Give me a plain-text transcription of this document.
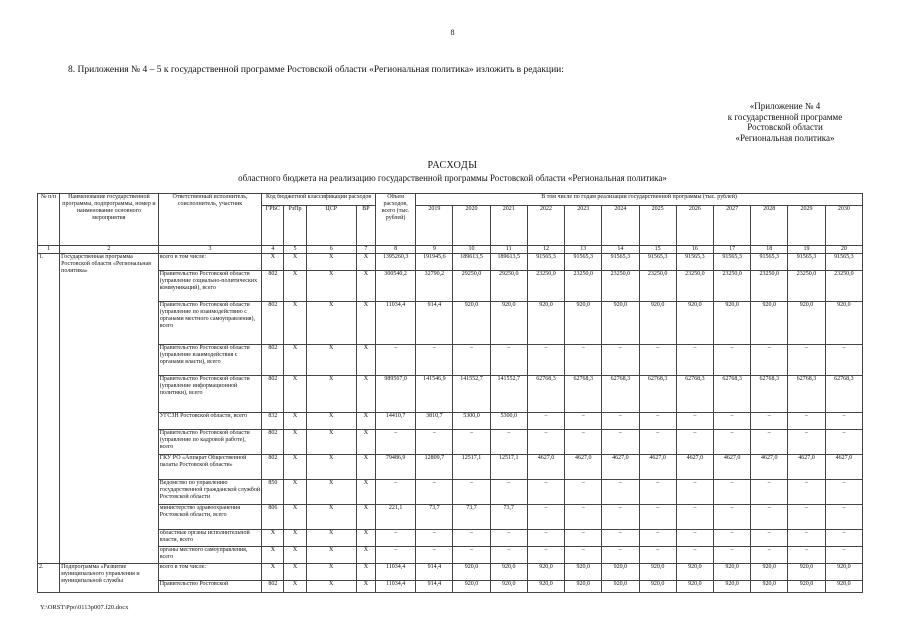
8
8. Приложения № 4 – 5 к государственной программе Ростовской области «Региональная политика» изложить в редакции:
«Приложение № 4
к государственной программе
Ростовской области
«Региональная политика»
РАСХОДЫ
областного бюджета на реализацию государственной программы Ростовской области «Региональная политика»
№ п/п	Наименование государственной программы, подпрограммы, номер и наименование основного мероприятия	Ответственный исполнитель, соисполнитель, участник	Код бюджетной классификации расходов				Объем расходов, всего (тыс. рублей)	В том числе по годам реализации государственной программы (тыс. рублей)											
			ГРБС	РзПр	ЦСР	ВР		2019	2020	2021	2022	2023	2024	2025	2026	2027	2028	2029	2030

1	2	3	4	5	6	7	8	9	10	11	12	13	14	15	16	17	18	19	20
1.	Государственная программа Ростовской области «Региональная политика»	всего в том числе:	X	X	X	X	1395260,3	191945,6	189613,5	189613,5	91565,3	91565,3	91565,3	91565,3	91565,3	91565,3	91565,3	91565,3	91565,3
		Правительство Ростовской области (управление социально-политических коммуникаций), всего	802	X	X	X	300540,2	32790,2	29250,0	29250,0	23250,0	23250,0	23250,0	23250,0	23250,0	23250,0	23250,0	23250,0	23250,0
		Правительство Ростовской области (управление по взаимодействию с органами местного самоуправления), всего	802	X	X	X	11034,4	914,4	920,0	920,0	920,0	920,0	920,0	920,0	920,0	920,0	920,0	920,0	920,0
		Правительство Ростовской области (управление взаимодействия с органами власти), всего	802	X	X	X	–	–	–	–	–	–	–	–	–	–	–	–	–
		Правительство Ростовской области (управление информационной политики), всего	802	X	X	X	989567,0	141546,9	141552,7	141552,7	62768,3	62768,3	62768,3	62768,3	62768,3	62768,3	62768,3	62768,3	62768,3
		УГСЗН Ростовской области, всего	832	X	X	X	14410,7	3810,7	5300,0	5300,0	–	–	–	–	–	–	–	–	–
		Правительство Ростовской области (управление по кадровой работе), всего	802	X	X	X	–	–	–	–	–	–	–	–	–	–	–	–	–
		ГКУ РО «Аппарат Общественной палаты Ростовской области»	802	X	X	X	79486,9	12809,7	12517,1	12517,1	4627,0	4627,0	4627,0	4627,0	4627,0	4627,0	4627,0	4627,0	4627,0
		Ведомство по управлению государственной гражданской службой Ростовской области	850	X	X	X	–	–	–	–	–	–	–	–	–	–	–	–	–
		министерство здравоохранения Ростовской области, всего	806	X	X	X	221,1	73,7	73,7	73,7	–	–	–	–	–	–	–	–	–
		областные органы исполнительной власти, всего	X	X	X	X	–	–	–	–	–	–	–	–	–	–	–	–	–
		органы местного самоуправления, всего	X	X	X	X	–	–	–	–	–	–	–	–	–	–	–	–	–
2.	Подпрограмма «Развитие муниципального управления и муниципальной службы	всего в том числе:	X	X	X	X	11034,4	914,4	920,0	920,0	920,0	920,0	920,0	920,0	920,0	920,0	920,0	920,0	920,0
		Правительство Ростовской	802	X	X	X	11034,4	914,4	920,0	920,0	920,0	920,0	920,0	920,0	920,0	920,0	920,0	920,0	920,0
Y:\ORST\Ppo\0113p007.f20.docx
